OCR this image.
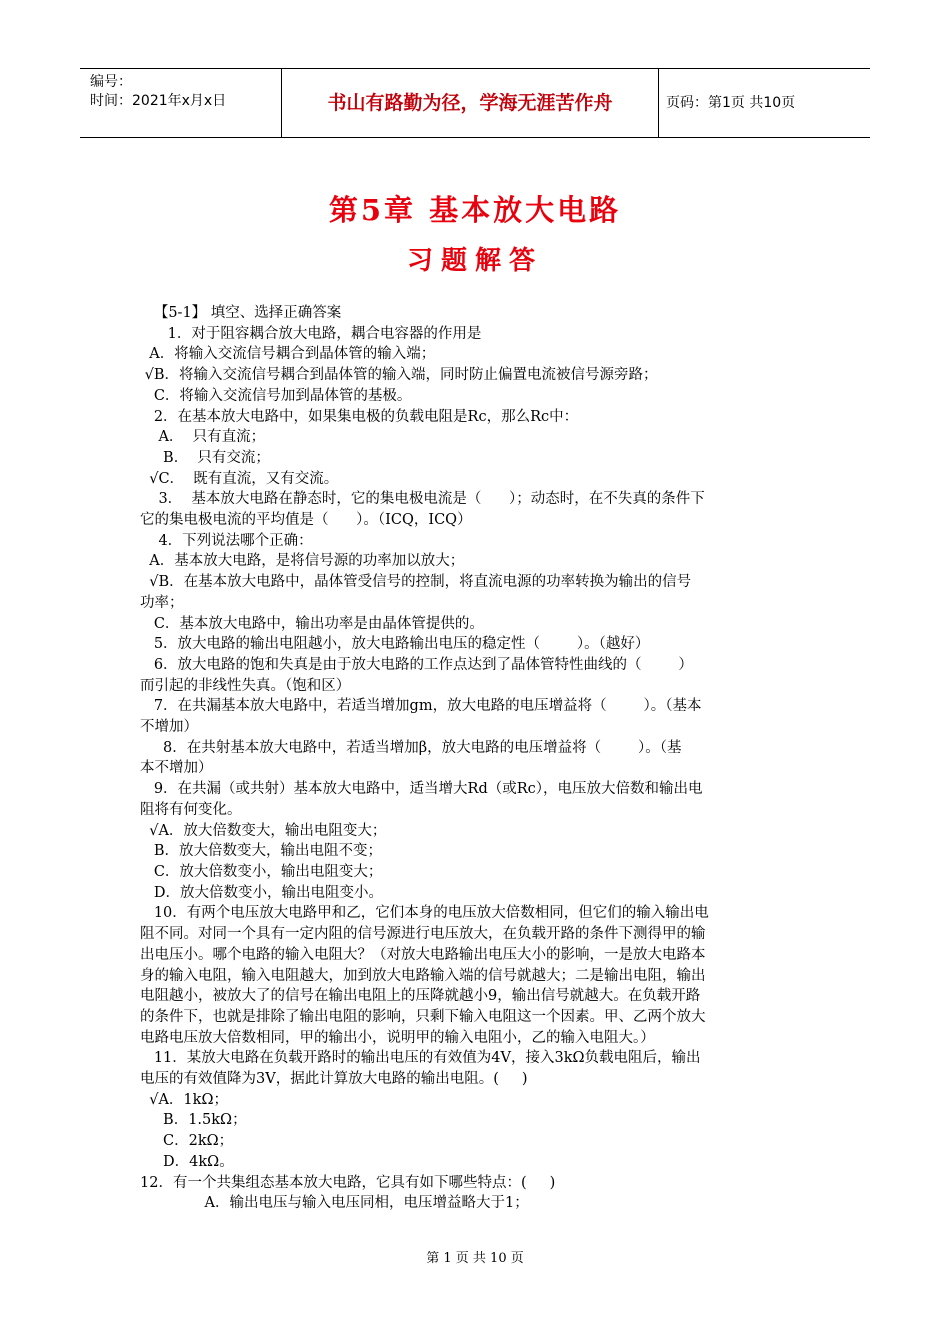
编号：
时间：2021年x月x日	书山有路勤为径，学海无涯苦作舟	页码：第1页 共10页
第5章 基本放大电路
习题解答

【5-1】 填空、选择正确答案

1．对于阻容耦合放大电路，耦合电容器的作用是

A．将输入交流信号耦合到晶体管的输入端；

√B．将输入交流信号耦合到晶体管的输入端，同时防止偏置电流被信号源旁路；

C．将输入交流信号加到晶体管的基极。

2．在基本放大电路中，如果集电极的负载电阻是Rc，那么Rc中：

A．  只有直流；

B．  只有交流；

√C．  既有直流，又有交流。

3．  基本放大电路在静态时，它的集电极电流是（      ）；动态时，在不失真的条件下

它的集电极电流的平均值是（      ）。（ICQ，ICQ）

4．下列说法哪个正确：

A．基本放大电路，是将信号源的功率加以放大；

√B．在基本放大电路中，晶体管受信号的控制，将直流电源的功率转换为输出的信号

功率；

C．基本放大电路中，输出功率是由晶体管提供的。

5．放大电路的输出电阻越小，放大电路输出电压的稳定性（        ）。（越好）

6．放大电路的饱和失真是由于放大电路的工作点达到了晶体管特性曲线的（        ）

而引起的非线性失真。（饱和区）

7．在共漏基本放大电路中，若适当增加gm，放大电路的电压增益将（        ）。（基本

不增加）

8．在共射基本放大电路中，若适当增加β，放大电路的电压增益将（        ）。（基

本不增加）

9．在共漏（或共射）基本放大电路中，适当增大Rd（或Rc），电压放大倍数和输出电

阻将有何变化。

√A．放大倍数变大，输出电阻变大；

B．放大倍数变大，输出电阻不变；

C．放大倍数变小，输出电阻变大；

D．放大倍数变小，输出电阻变小。

10．有两个电压放大电路甲和乙，它们本身的电压放大倍数相同，但它们的输入输出电

阻不同。对同一个具有一定内阻的信号源进行电压放大，在负载开路的条件下测得甲的输

出电压小。哪个电路的输入电阻大？（对放大电路输出电压大小的影响，一是放大电路本

身的输入电阻，输入电阻越大，加到放大电路输入端的信号就越大；二是输出电阻，输出

电阻越小，被放大了的信号在输出电阻上的压降就越小9，输出信号就越大。在负载开路

的条件下，也就是排除了输出电阻的影响，只剩下输入电阻这一个因素。甲、乙两个放大

电路电压放大倍数相同，甲的输出小，说明甲的输入电阻小，乙的输入电阻大。）

11．某放大电路在负载开路时的输出电压的有效值为4V，接入3kΩ负载电阻后，输出

电压的有效值降为3V，据此计算放大电路的输出电阻。(     )

√A．1kΩ；

B．1.5kΩ；

C．2kΩ；

D．4kΩ。

12．有一个共集组态基本放大电路，它具有如下哪些特点：(     )

A．输出电压与输入电压同相，电压增益略大于1；

第 1 页 共 10 页
